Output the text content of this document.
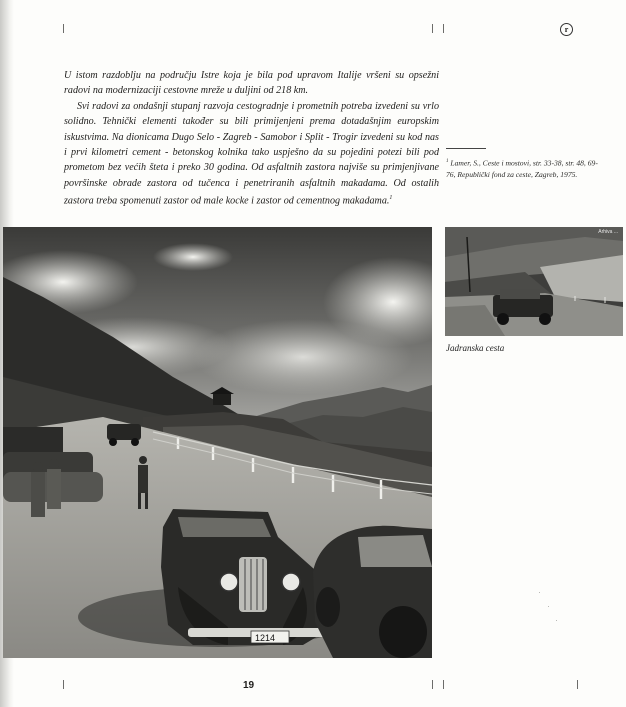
r

U istom razdoblju na području Istre koja je bila pod upravom Italije vršeni su opsežni radovi na modernizaciji cestovne mreže u duljini od 218 km.

Svi radovi za ondašnji stupanj razvoja cestogradnje i prometnih potreba izvedeni su vrlo solidno. Tehnički elementi također su bili primijenjeni prema dotadašnjim europskim iskustvima. Na dionicama Dugo Selo - Zagreb - Samobor i Split - Trogir izvedeni su kod nas i prvi kilometri cement - betonskog kolnika tako uspješno da su pojedini potezi bili pod prometom bez većih šteta i preko 30 godina. Od asfaltnih zastora najviše su primjenjivane površinske obrade zastora od tučenca i penetriranih asfaltnih makadama. Od ostalih zastora treba spomenuti zastor od male kocke i zastor od cementnog makadama.$^1$

$^1$ Lamer, S., Ceste i mostovi, str. 33-38, str. 48, 69-76, Republički fond za ceste, Zagreb, 1975.
1214
Arhiva ...
Jadranska cesta
19
